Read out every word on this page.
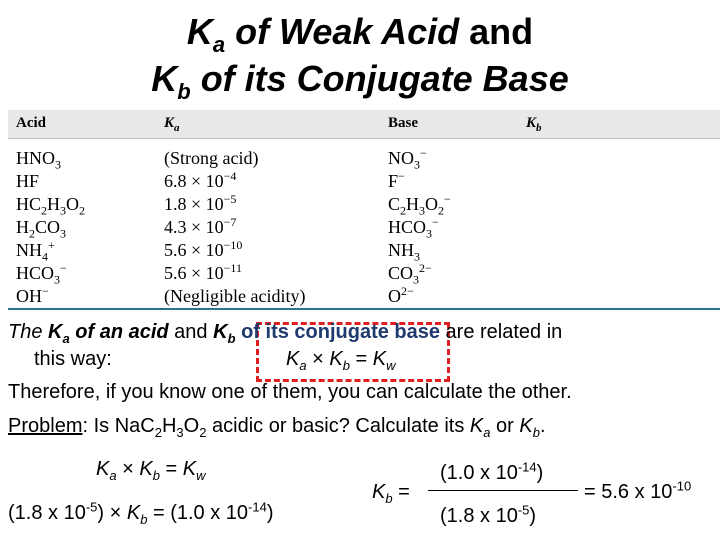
$K_a$ of Weak Acid and
$K_b$ of its Conjugate Base
Acid	$K_a$	Base	$K_b$
$HNO_3$	(Strong acid)	$NO_3^-$
HF	$6.8 \times 10^{-4}$	F−
$HC_2H_3O_2$	$1.8 \times 10^{-5}$	$C_2H_3O_2^-$
$H_2CO_3$	$4.3 \times 10^{-7}$	$HCO_3^-$
$NH_4^+$	$5.6 \times 10^{-10}$	$NH_3$
$HCO_3^-$	$5.6 \times 10^{-11}$	$CO_3^{2-}$
OH−	(Negligible acidity)	$O^{2-}$
The $K_a$ of an acid and $K_b$ of its conjugate base are related in
this way:	$K_a \times K_b = K_w$
Therefore, if you know one of them, you can calculate the other.
Problem: Is $NaC_2H_3O_2$ acidic or basic? Calculate its $K_a$ or $K_b$.
$K_a \times K_b = K_w$
(1.8 x $10^{-5}) \times K_b = (1.0$ x $10^{-14}$)
$K_b$ =
(1.0 x $10^{-14}$)
(1.8 x $10^{-5}$)
= 5.6 x $10^{-10}$
